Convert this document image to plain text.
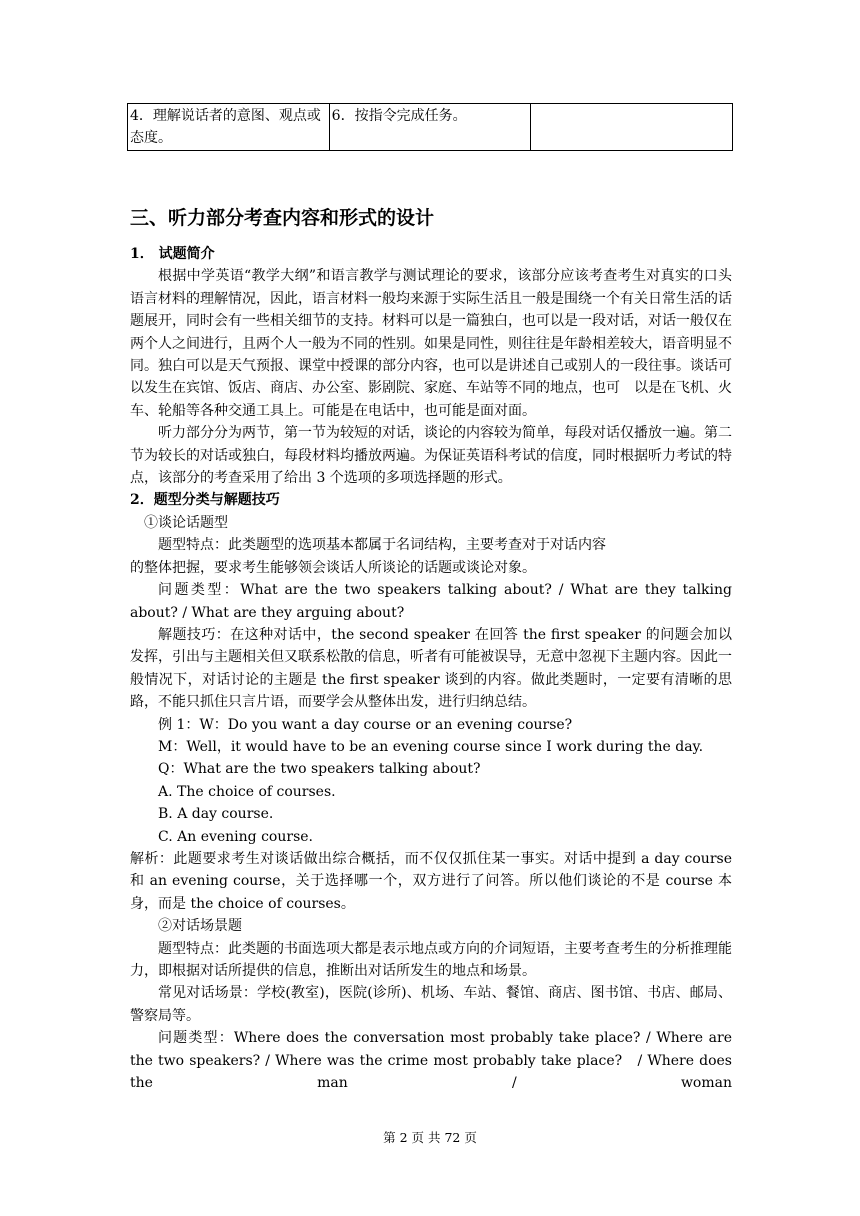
4．理解说话者的意图、观点或态度。	6．按指令完成任务。	
三、听力部分考查内容和形式的设计

1． 试题简介

根据中学英语“教学大纲”和语言教学与测试理论的要求，该部分应该考查考生对真实的口头语言材料的理解情况，因此，语言材料一般均来源于实际生活且一般是围绕一个有关日常生活的话题展开，同时会有一些相关细节的支持。材料可以是一篇独白，也可以是一段对话，对话一般仅在两个人之间进行，且两个人一般为不同的性别。如果是同性，则往往是年龄相差较大，语音明显不同。独白可以是天气预报、课堂中授课的部分内容，也可以是讲述自己或别人的一段往事。谈话可以发生在宾馆、饭店、商店、办公室、影剧院、家庭、车站等不同的地点，也可　以是在飞机、火车、轮船等各种交通工具上。可能是在电话中，也可能是面对面。

听力部分分为两节，第一节为较短的对话，谈论的内容较为简单，每段对话仅播放一遍。第二节为较长的对话或独白，每段材料均播放两遍。为保证英语科考试的信度，同时根据听力考试的特点，该部分的考查采用了给出 3 个选项的多项选择题的形式。

2．题型分类与解题技巧

①谈论话题型

题型特点：此类题型的选项基本都属于名词结构，主要考查对于对话内容

的整体把握，要求考生能够领会谈话人所谈论的话题或谈论对象。

问题类型：What are the two speakers talking about? / What are they talking about? / What are they arguing about?

解题技巧：在这种对话中，the second speaker 在回答 the first speaker 的问题会加以发挥，引出与主题相关但又联系松散的信息，听者有可能被误导，无意中忽视下主题内容。因此一般情况下，对话讨论的主题是 the first speaker 谈到的内容。做此类题时，一定要有清晰的思路，不能只抓住只言片语，而要学会从整体出发，进行归纳总结。

例 1：W：Do you want a day course or an evening course?

M：Well，it would have to be an evening course since I work during the day.

Q：What are the two speakers talking about?

A. The choice of courses.

B. A day course.

C. An evening course.

解析：此题要求考生对谈话做出综合概括，而不仅仅抓住某一事实。对话中提到 a day course 和 an evening course，关于选择哪一个，双方进行了问答。所以他们谈论的不是 course 本身，而是 the choice of courses。

②对话场景题

题型特点：此类题的书面选项大都是表示地点或方向的介词短语，主要考查考生的分析推理能力，即根据对话所提供的信息，推断出对话所发生的地点和场景。

常见对话场景：学校(教室)，医院(诊所)、机场、车站、餐馆、商店、图书馆、书店、邮局、警察局等。

问题类型：Where does the conversation most probably take place? / Where are the two speakers? / Where was the crime most probably take place?　/ Where does the man / woman

第 2 页 共 72 页
